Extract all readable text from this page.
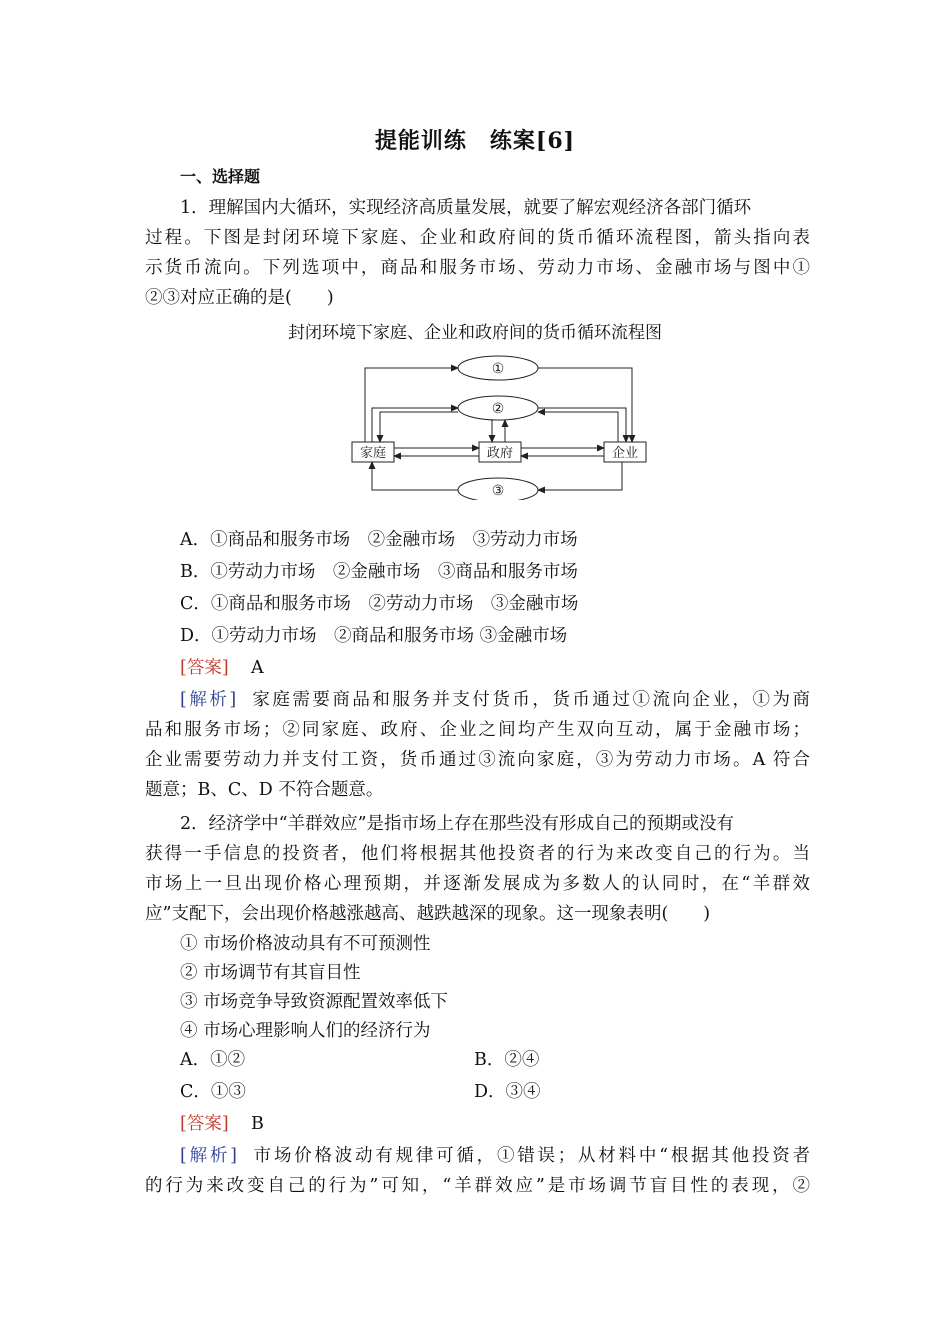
提能训练　练案[6]
一、选择题
1．理解国内大循环，实现经济高质量发展，就要了解宏观经济各部门循环
过程。下图是封闭环境下家庭、企业和政府间的货币循环流程图，箭头指向表
示货币流向。下列选项中，商品和服务市场、劳动力市场、金融市场与图中①
②③对应正确的是(　　)
封闭环境下家庭、企业和政府间的货币循环流程图
①
②
③
家庭	政府	企业
A．①商品和服务市场　②金融市场　③劳动力市场
B．①劳动力市场　②金融市场　③商品和服务市场
C．①商品和服务市场　②劳动力市场　③金融市场
D．①劳动力市场　②商品和服务市场 ③金融市场
[答案] A
[解析] 家庭需要商品和服务并支付货币，货币通过①流向企业，①为商
品和服务市场；②同家庭、政府、企业之间均产生双向互动，属于金融市场；
企业需要劳动力并支付工资，货币通过③流向家庭，③为劳动力市场。A 符合
题意；B、C、D 不符合题意。
2．经济学中“羊群效应”是指市场上存在那些没有形成自己的预期或没有
获得一手信息的投资者，他们将根据其他投资者的行为来改变自己的行为。当
市场上一旦出现价格心理预期，并逐渐发展成为多数人的认同时，在“羊群效
应”支配下，会出现价格越涨越高、越跌越深的现象。这一现象表明(　　)
① 市场价格波动具有不可预测性
② 市场调节有其盲目性
③ 市场竞争导致资源配置效率低下
④ 市场心理影响人们的经济行为
A．①②	B．②④
C．①③	D．③④
[答案] B
[解析] 市场价格波动有规律可循，①错误；从材料中“根据其他投资者
的行为来改变自己的行为”可知，“羊群效应”是市场调节盲目性的表现，②
